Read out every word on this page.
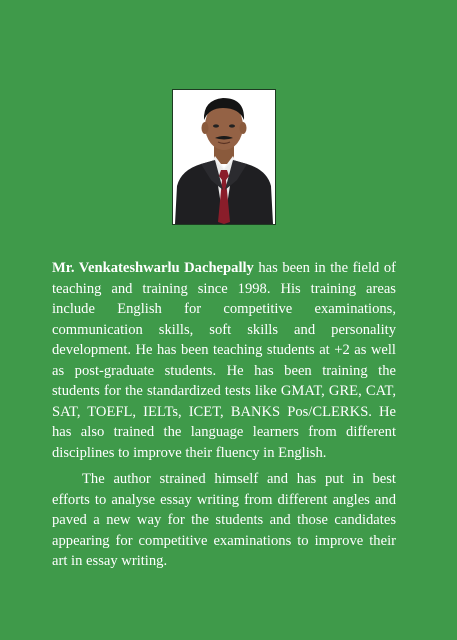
Mr. Venkateshwarlu Dachepally has been in the field of teaching and training since 1998. His training areas include English for competitive examinations, communication skills, soft skills and personality development. He has been teaching students at +2 as well as post-graduate students. He has been training the students for the standardized tests like GMAT, GRE, CAT, SAT, TOEFL, IELTs, ICET, BANKS Pos/CLERKS. He has also trained the language learners from different disciplines to improve their fluency in English.

The author strained himself and has put in best efforts to analyse essay writing from different angles and paved a new way for the students and those candidates appearing for competitive examinations to improve their art in essay writing.
